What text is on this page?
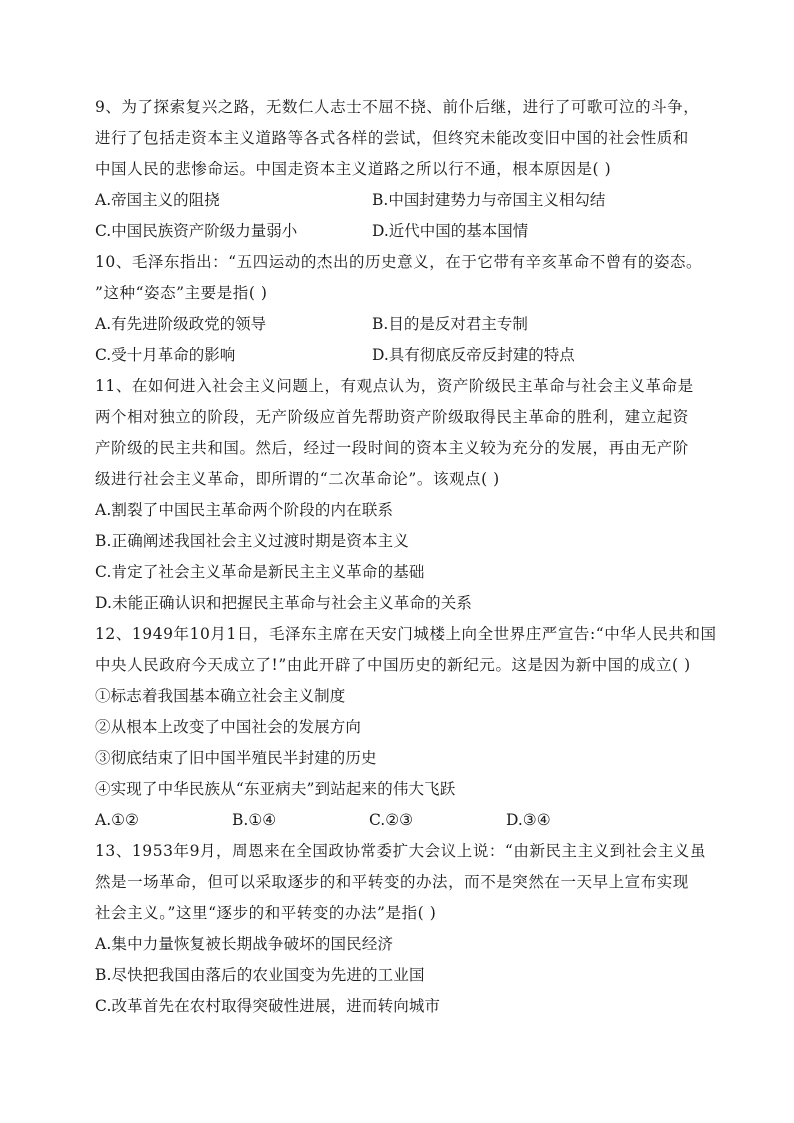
9、为了探索复兴之路，无数仁人志士不屈不挠、前仆后继，进行了可歌可泣的斗争，
进行了包括走资本主义道路等各式各样的尝试，但终究未能改变旧中国的社会性质和
中国人民的悲惨命运。中国走资本主义道路之所以行不通，根本原因是( )
A.帝国主义的阻挠	B.中国封建势力与帝国主义相勾结
C.中国民族资产阶级力量弱小	D.近代中国的基本国情
10、毛泽东指出：“五四运动的杰出的历史意义，在于它带有辛亥革命不曾有的姿态。
”这种“姿态”主要是指( )
A.有先进阶级政党的领导	B.目的是反对君主专制
C.受十月革命的影响	D.具有彻底反帝反封建的特点
11、在如何进入社会主义问题上，有观点认为，资产阶级民主革命与社会主义革命是
两个相对独立的阶段，无产阶级应首先帮助资产阶级取得民主革命的胜利，建立起资
产阶级的民主共和国。然后，经过一段时间的资本主义较为充分的发展，再由无产阶
级进行社会主义革命，即所谓的“二次革命论”。该观点( )
A.割裂了中国民主革命两个阶段的内在联系
B.正确阐述我国社会主义过渡时期是资本主义
C.肯定了社会主义革命是新民主主义革命的基础
D.未能正确认识和把握民主革命与社会主义革命的关系
12、1949年10月1日，毛泽东主席在天安门城楼上向全世界庄严宣告:“中华人民共和国
中央人民政府今天成立了!”由此开辟了中国历史的新纪元。这是因为新中国的成立( )
①标志着我国基本确立社会主义制度
②从根本上改变了中国社会的发展方向
③彻底结束了旧中国半殖民半封建的历史
④实现了中华民族从“东亚病夫”到站起来的伟大飞跃
A.①②	B.①④	C.②③	D.③④
13、1953年9月，周恩来在全国政协常委扩大会议上说：“由新民主主义到社会主义虽
然是一场革命，但可以采取逐步的和平转变的办法，而不是突然在一天早上宣布实现
社会主义。”这里“逐步的和平转变的办法”是指( )
A.集中力量恢复被长期战争破坏的国民经济
B.尽快把我国由落后的农业国变为先进的工业国
C.改革首先在农村取得突破性进展，进而转向城市
